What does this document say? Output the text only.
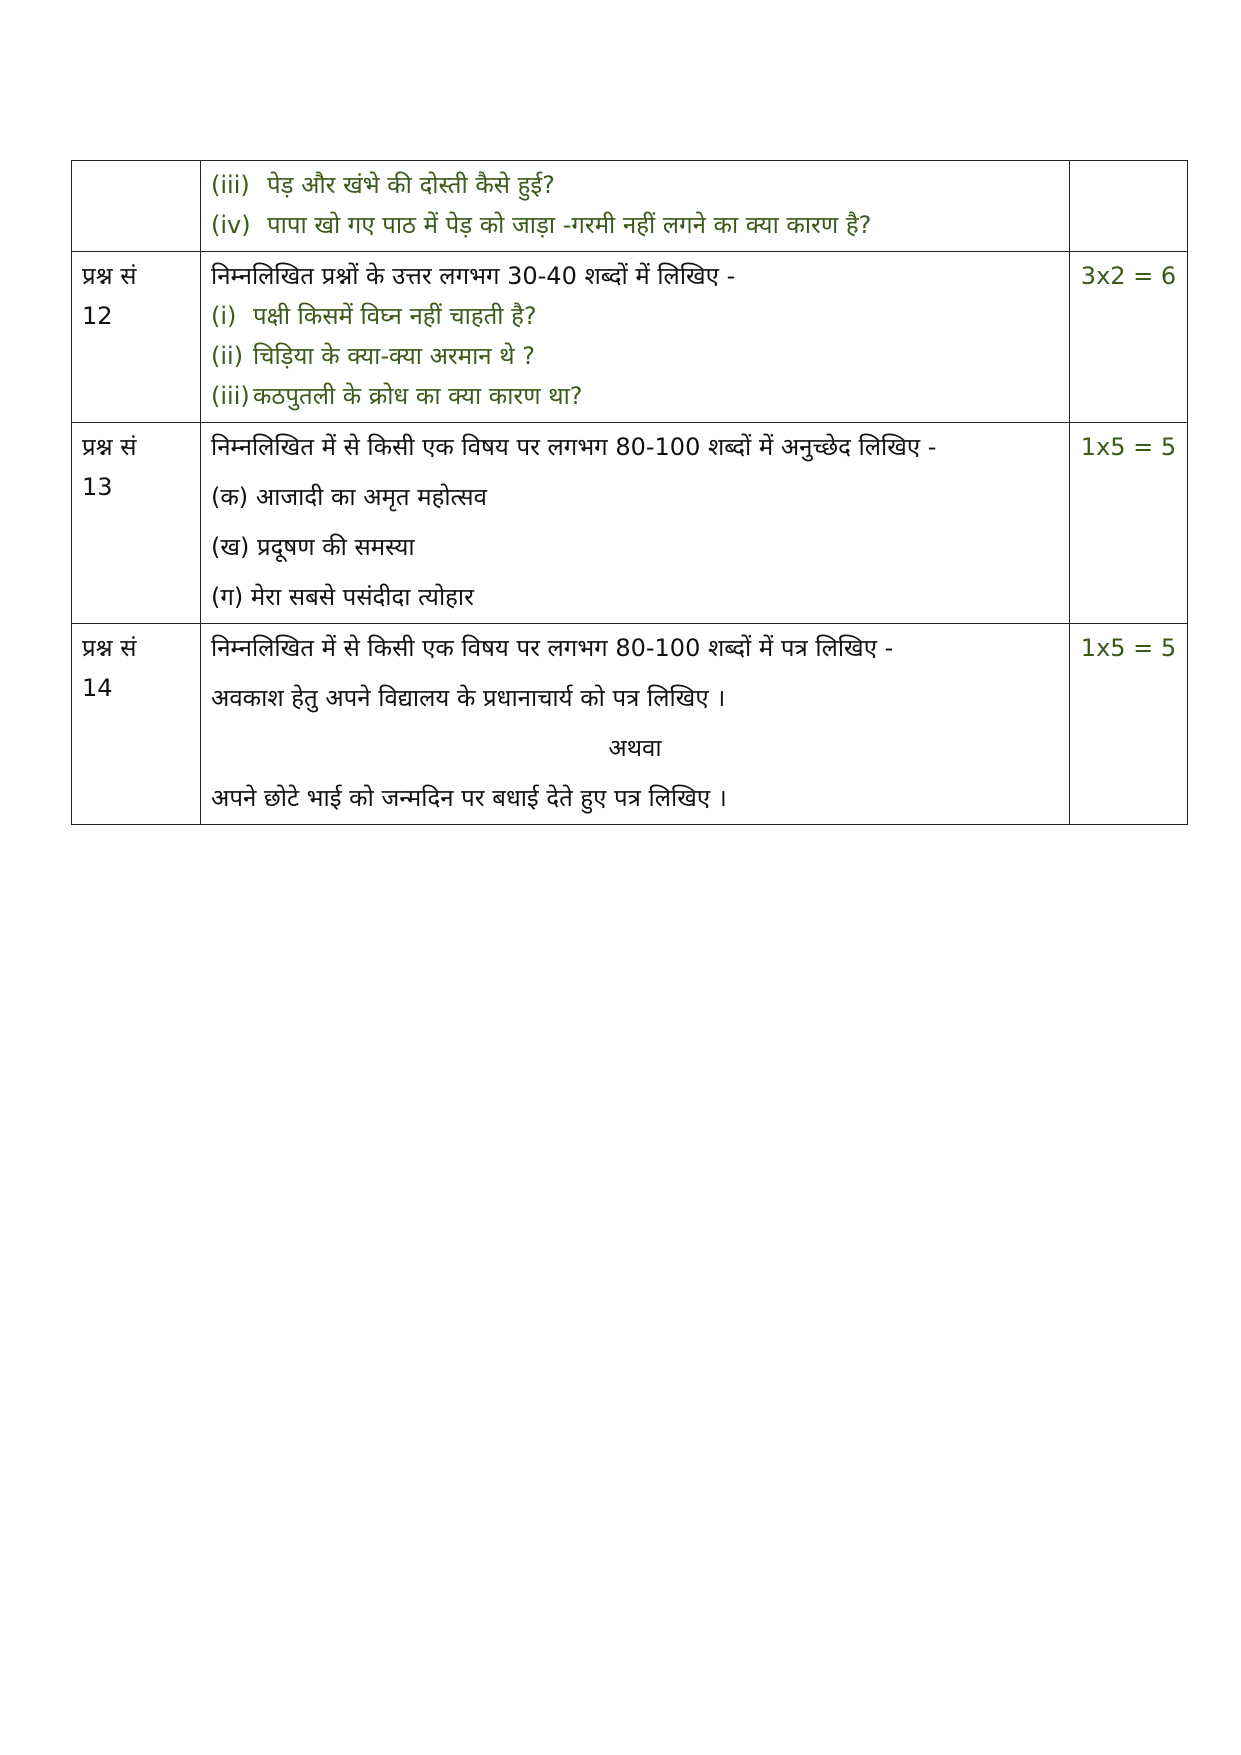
	(iii) पेड़ और खंभे की दोस्ती कैसे हुई?
(iv) पापा खो गए पाठ में पेड़ को जाड़ा -गरमी नहीं लगने का क्या कारण है?	

प्रश्न सं
12	निम्नलिखित प्रश्नों के उत्तर लगभग 30-40 शब्दों में लिखिए -
(i) पक्षी किसमें विघ्न नहीं चाहती है?
(ii) चिड़िया के क्या-क्या अरमान थे ?
(iii) कठपुतली के क्रोध का क्या कारण था?	3x2 = 6

प्रश्न सं
13	निम्नलिखित में से किसी एक विषय पर लगभग 80-100 शब्दों में अनुच्छेद लिखिए -
(क) आजादी का अमृत महोत्सव
(ख) प्रदूषण की समस्या
(ग) मेरा सबसे पसंदीदा त्योहार	1x5 = 5

प्रश्न सं
14	निम्नलिखित में से किसी एक विषय पर लगभग 80-100 शब्दों में पत्र लिखिए -
अवकाश हेतु अपने विद्यालय के प्रधानाचार्य को पत्र लिखिए ।
अथवा
अपने छोटे भाई को जन्मदिन पर बधाई देते हुए पत्र लिखिए ।	1x5 = 5
